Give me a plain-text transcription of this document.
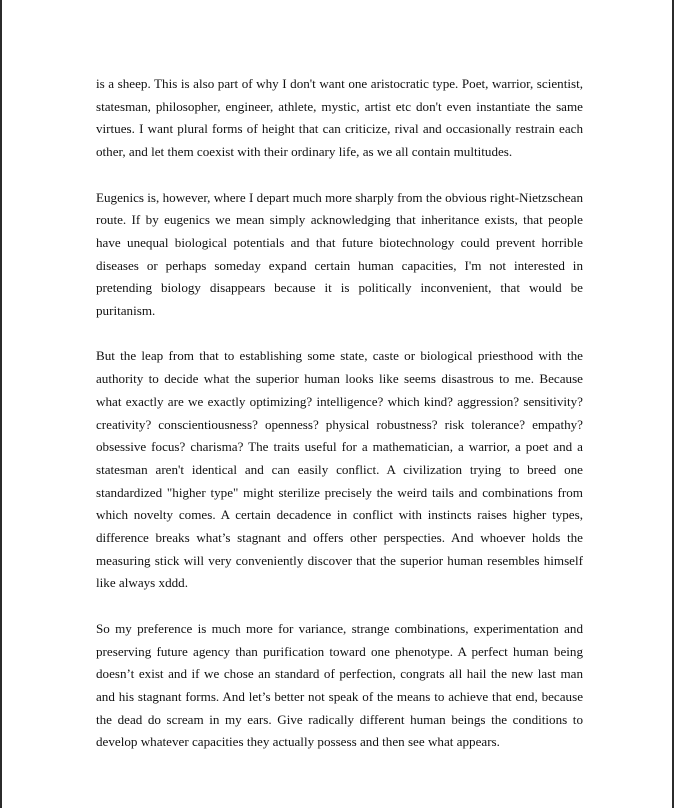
is a sheep. This is also part of why I don't want one aristocratic type. Poet, warrior, scientist, statesman, philosopher, engineer, athlete, mystic, artist etc don't even instantiate the same virtues. I want plural forms of height that can criticize, rival and occasionally restrain each other, and let them coexist with their ordinary life, as we all contain multitudes.

Eugenics is, however, where I depart much more sharply from the obvious right-Nietzschean route. If by eugenics we mean simply acknowledging that inheritance exists, that people have unequal biological potentials and that future biotechnology could prevent horrible diseases or perhaps someday expand certain human capacities, I'm not interested in pretending biology disappears because it is politically inconvenient, that would be puritanism.

But the leap from that to establishing some state, caste or biological priesthood with the authority to decide what the superior human looks like seems disastrous to me. Because what exactly are we exactly optimizing? intelligence? which kind? aggression? sensitivity? creativity? conscientiousness? openness? physical robustness? risk tolerance? empathy? obsessive focus? charisma? The traits useful for a mathematician, a warrior, a poet and a statesman aren't identical and can easily conflict. A civilization trying to breed one standardized "higher type" might sterilize precisely the weird tails and combinations from which novelty comes. A certain decadence in conflict with instincts raises higher types, difference breaks what’s stagnant and offers other perspecties. And whoever holds the measuring stick will very conveniently discover that the superior human resembles himself like always xddd.

So my preference is much more for variance, strange combinations, experimentation and preserving future agency than purification toward one phenotype. A perfect human being doesn’t exist and if we chose an standard of perfection, congrats all hail the new last man and his stagnant forms. And let’s better not speak of the means to achieve that end, because the dead do scream in my ears. Give radically different human beings the conditions to develop whatever capacities they actually possess and then see what appears.
